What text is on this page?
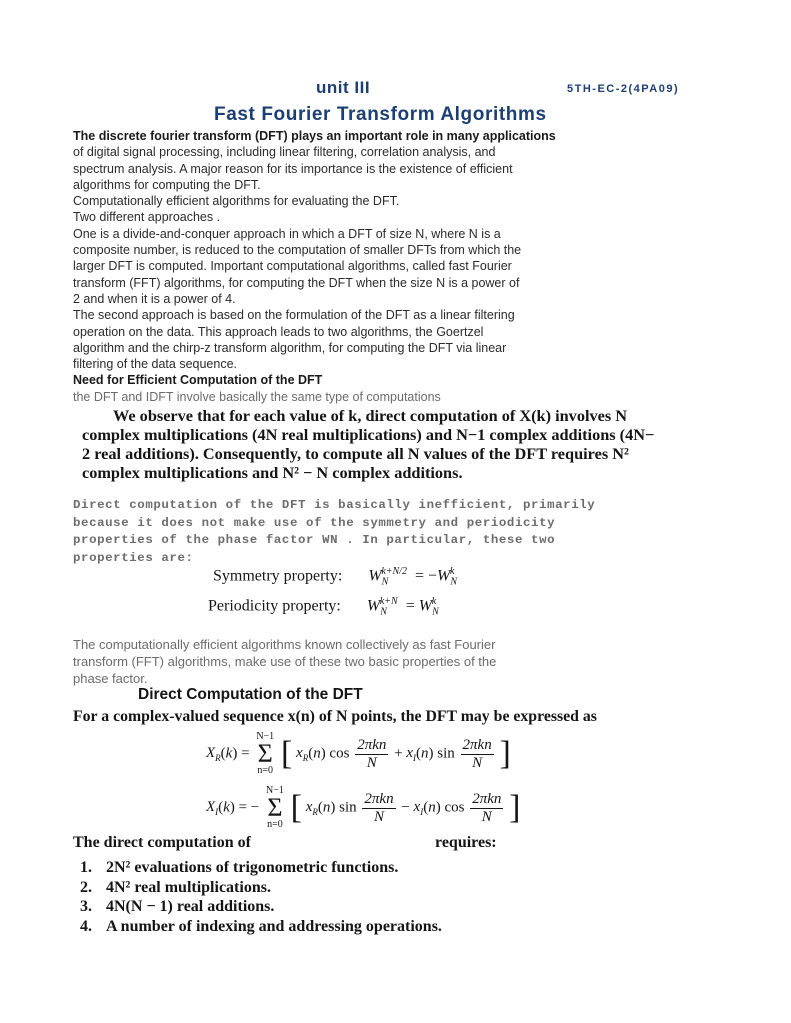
unit III	5TH-EC-2(4PA09)
Fast Fourier Transform Algorithms
The discrete fourier transform (DFT) plays an important role in many applications
of digital signal processing, including linear filtering, correlation analysis, and
spectrum analysis. A major reason for its importance is the existence of efficient
algorithms for computing the DFT.
Computationally efficient algorithms for evaluating the DFT.
Two different approaches .
One is a divide-and-conquer approach in which a DFT of size N, where N is a
composite number, is reduced to the computation of smaller DFTs from which the
larger DFT is computed. Important computational algorithms, called fast Fourier
transform (FFT) algorithms, for computing the DFT when the size N is a power of
2 and when it is a power of 4.
The second approach is based on the formulation of the DFT as a linear filtering
operation on the data. This approach leads to two algorithms, the Goertzel
algorithm and the chirp-z transform algorithm, for computing the DFT via linear
filtering of the data sequence.
Need for Efficient Computation of the DFT
the DFT and IDFT involve basically the same type of computations
We observe that for each value of k, direct computation of X(k) involves N
complex multiplications (4N real multiplications) and N−1 complex additions (4N−
2 real additions). Consequently, to compute all N values of the DFT requires N²
complex multiplications and N² − N complex additions.
Direct computation of the DFT is basically inefficient, primarily
because it does not make use of the symmetry and periodicity
properties of the phase factor WN . In particular, these two
properties are:
Symmetry property: $W_N^{k+N/2} = -W_N^k$
Periodicity property: $W_N^{k+N} = W_N^k$
The computationally efficient algorithms known collectively as fast Fourier
transform (FFT) algorithms, make use of these two basic properties of the
phase factor.
Direct Computation of the DFT
For a complex-valued sequence x(n) of N points, the DFT may be expressed as
$X_R(k)$ =
N−1
Σ
n=0 [ $x_R(n)$ $\cos \frac{\text{2πkn}}{N} + x_I(n)$ $\sin \frac{\text{2πkn}}{N}$ ]
$X_I(k)$ = −
N−1
Σ
n=0 [ $x_R(n)$ $\sin \frac{\text{2πkn}}{N} - x_I(n)$ $\cos \frac{\text{2πkn}}{N}$ ]
The direct computation of	requires:
1. 2N² evaluations of trigonometric functions.
2. 4N² real multiplications.
3. 4N(N − 1) real additions.
4. A number of indexing and addressing operations.
